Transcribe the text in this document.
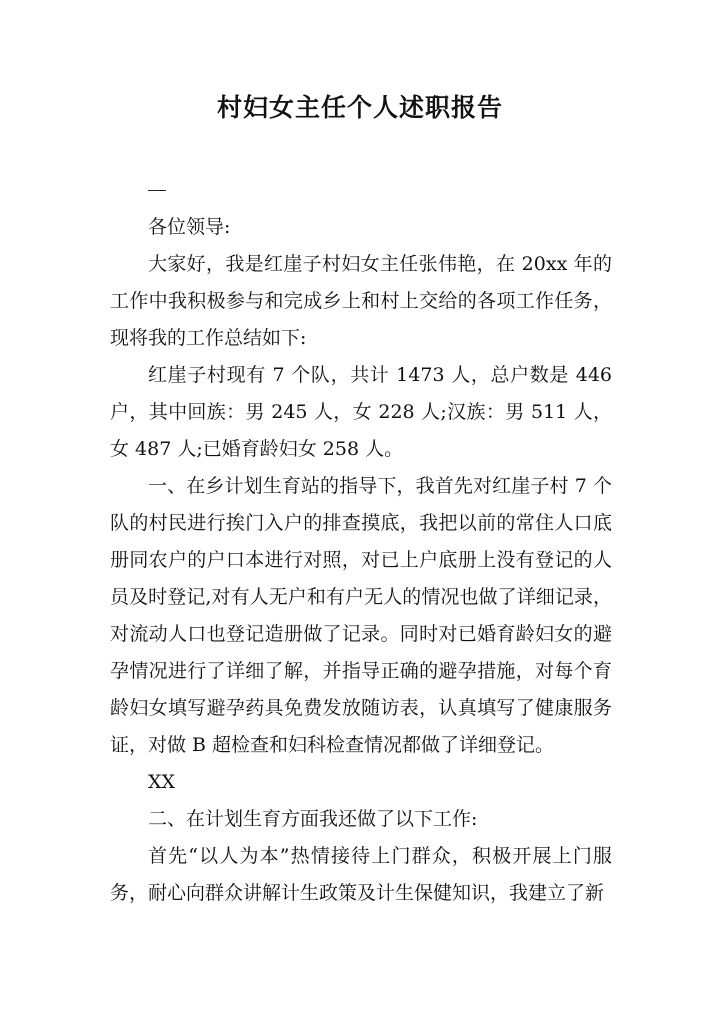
村妇女主任个人述职报告

各位领导:

大家好，我是红崖子村妇女主任张伟艳，在 20xx 年的工作中我积极参与和完成乡上和村上交给的各项工作任务，现将我的工作总结如下:

红崖子村现有 7 个队，共计 1473 人，总户数是 446 户，其中回族：男 245 人，女 228 人;汉族：男 511 人，女 487 人;已婚育龄妇女 258 人。

一、在乡计划生育站的指导下，我首先对红崖子村 7 个队的村民进行挨门入户的排查摸底，我把以前的常住人口底册同农户的户口本进行对照，对已上户底册上没有登记的人员及时登记,对有人无户和有户无人的情况也做了详细记录，对流动人口也登记造册做了记录。同时对已婚育龄妇女的避孕情况进行了详细了解，并指导正确的避孕措施，对每个育龄妇女填写避孕药具免费发放随访表，认真填写了健康服务证，对做 B 超检查和妇科检查情况都做了详细登记。

XX

二、在计划生育方面我还做了以下工作:

首先“以人为本”热情接待上门群众，积极开展上门服务，耐心向群众讲解计生政策及计生保健知识，我建立了新
